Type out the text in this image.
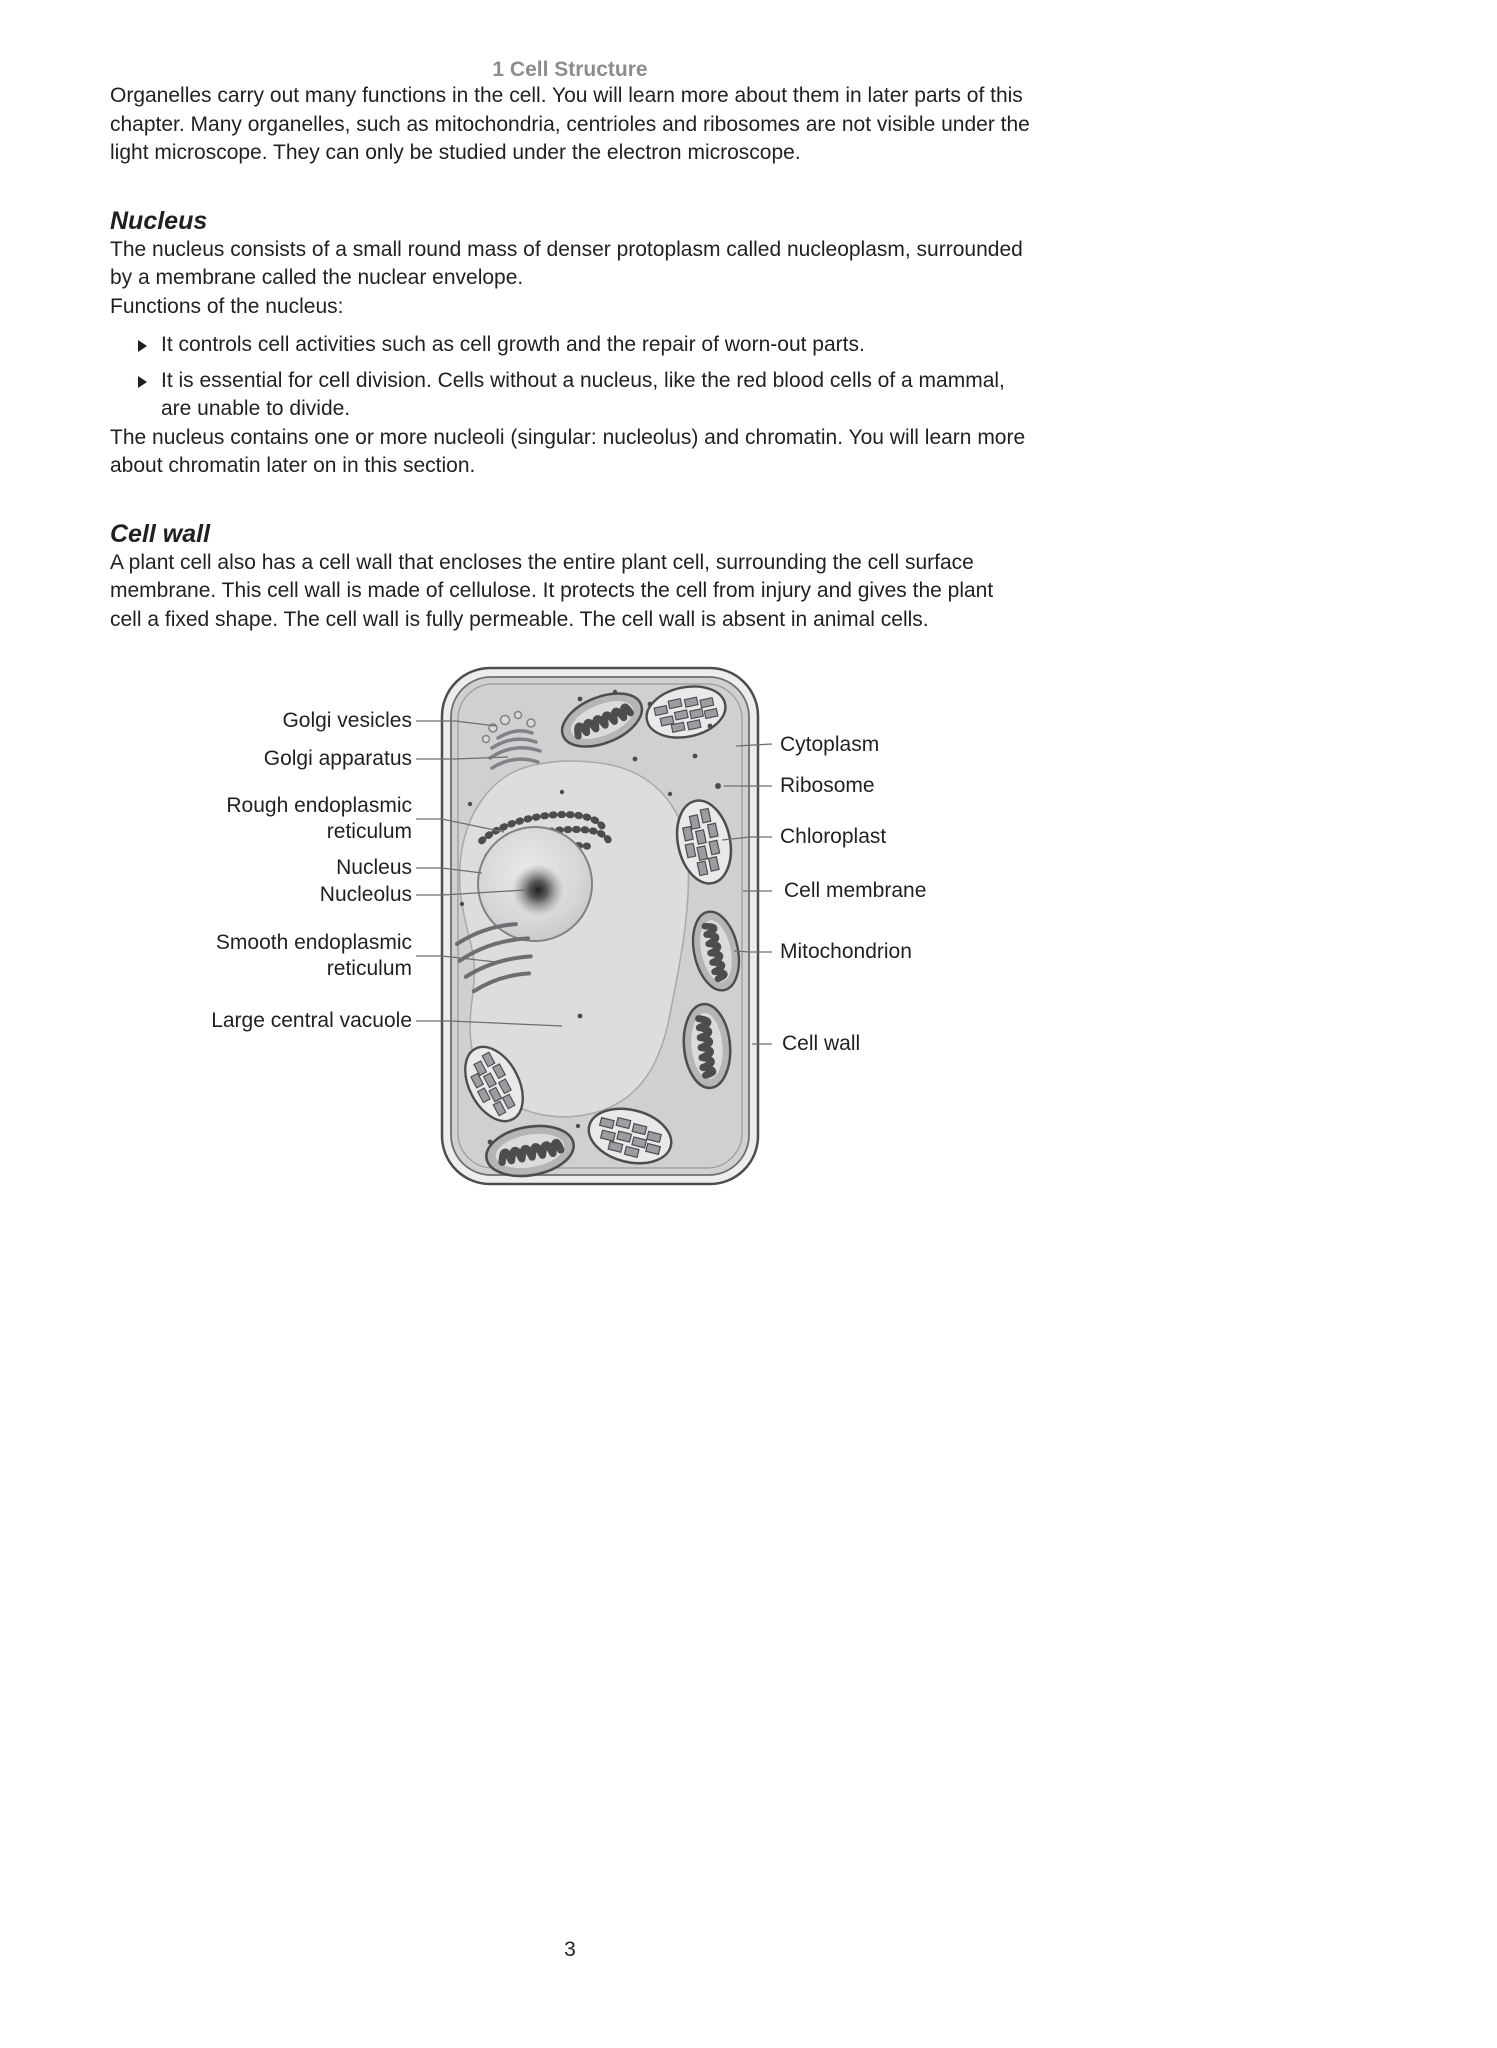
1 Cell Structure

Organelles carry out many functions in the cell. You will learn more about them in later parts of this chapter. Many organelles, such as mitochondria, centrioles and ribosomes are not visible under the light microscope. They can only be studied under the electron microscope.

Nucleus

The nucleus consists of a small round mass of denser protoplasm called nucleoplasm, surrounded by a membrane called the nuclear envelope.

Functions of the nucleus:

It controls cell activities such as cell growth and the repair of worn-out parts.
It is essential for cell division. Cells without a nucleus, like the red blood cells of a mammal, are unable to divide.

The nucleus contains one or more nucleoli (singular: nucleolus) and chromatin. You will learn more about chromatin later on in this section.

Cell wall

A plant cell also has a cell wall that encloses the entire plant cell, surrounding the cell surface membrane. This cell wall is made of cellulose. It protects the cell from injury and gives the plant cell a fixed shape. The cell wall is fully permeable. The cell wall is absent in animal cells.

Golgi vesicles
Golgi apparatus
Rough endoplasmic reticulum
Nucleus
Nucleolus
Smooth endoplasmic reticulum
Large central vacuole
Cytoplasm
Ribosome
Chloroplast
Cell membrane
Mitochondrion
Cell wall
3
